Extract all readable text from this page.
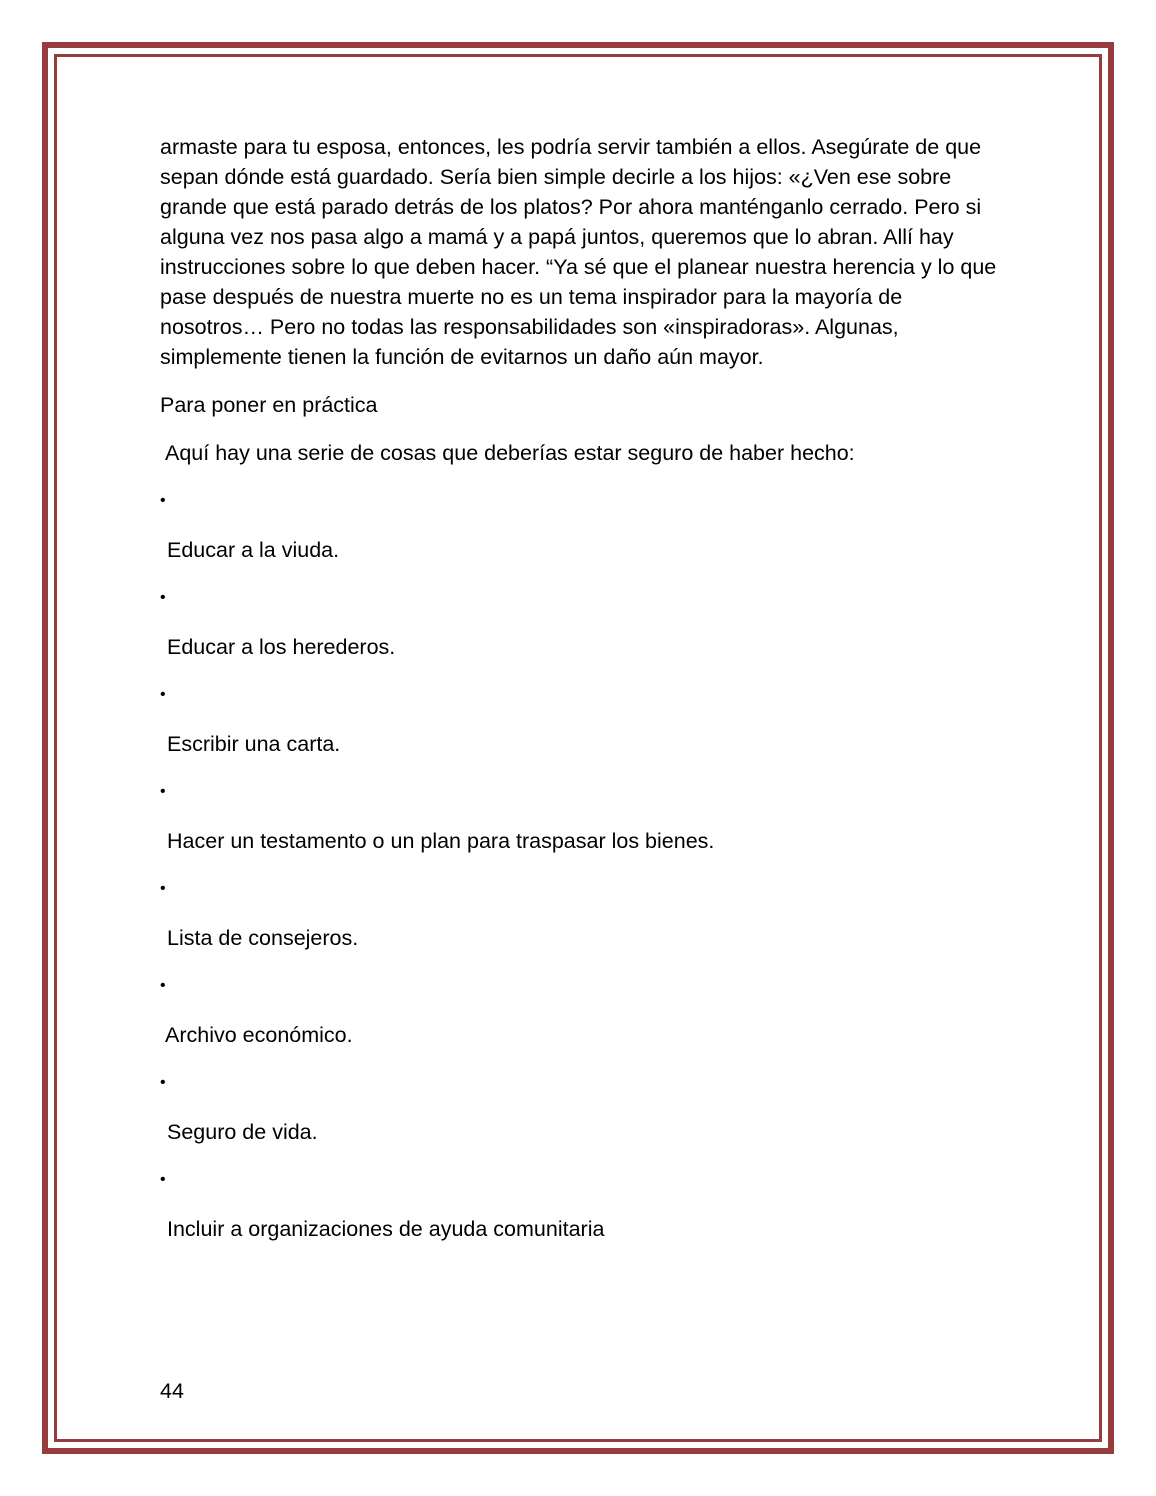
armaste para tu esposa, entonces, les podría servir también a ellos. Asegúrate de que sepan dónde está guardado. Sería bien simple decirle a los hijos: «¿Ven ese sobre grande que está parado detrás de los platos? Por ahora manténganlo cerrado. Pero si alguna vez nos pasa algo a mamá y a papá juntos, queremos que lo abran. Allí hay instrucciones sobre lo que deben hacer. “Ya sé que el planear nuestra herencia y lo que pase después de nuestra muerte no es un tema inspirador para la mayoría de nosotros… Pero no todas las responsabilidades son «inspiradoras». Algunas, simplemente tienen la función de evitarnos un daño aún mayor.

Para poner en práctica

Aquí hay una serie de cosas que deberías estar seguro de haber hecho:

•
Educar a la viuda.
•
Educar a los herederos.
•
Escribir una carta.
•
Hacer un testamento o un plan para traspasar los bienes.
•
Lista de consejeros.
•
Archivo económico.
•
Seguro de vida.
•
Incluir a organizaciones de ayuda comunitaria
44
